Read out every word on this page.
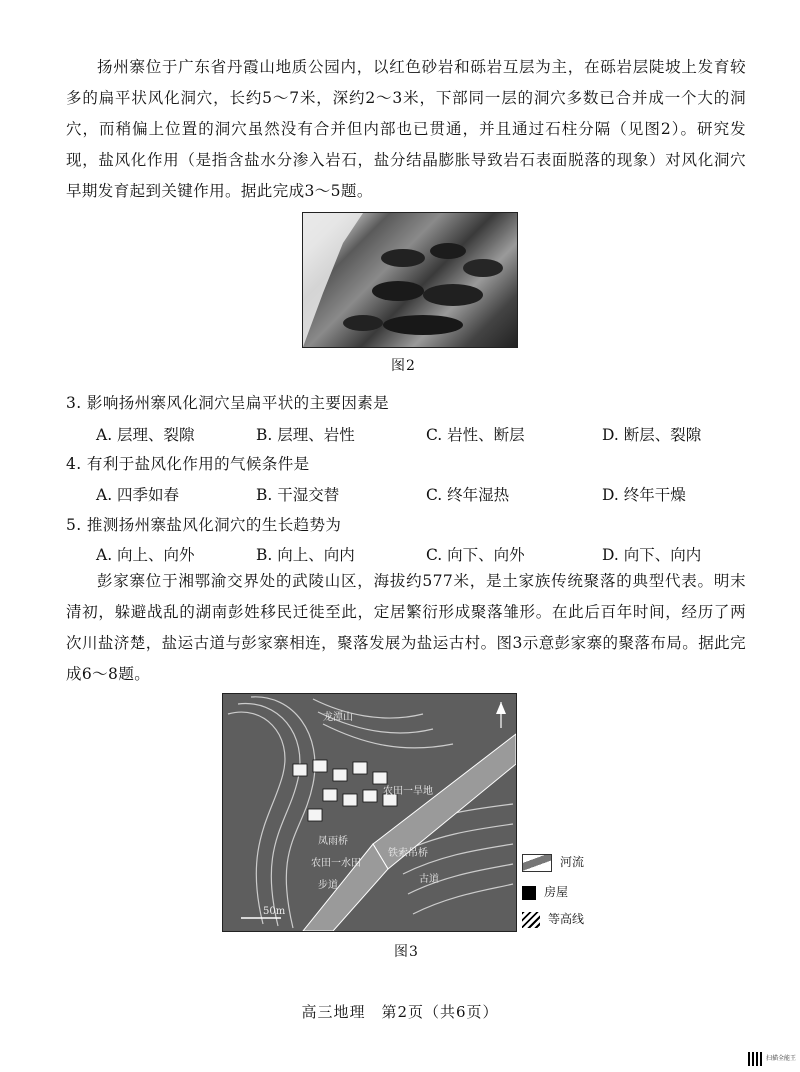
扬州寨位于广东省丹霞山地质公园内，以红色砂岩和砾岩互层为主，在砾岩层陡坡上发育较多的扁平状风化洞穴，长约5～7米，深约2～3米，下部同一层的洞穴多数已合并成一个大的洞穴，而稍偏上位置的洞穴虽然没有合并但内部也已贯通，并且通过石柱分隔（见图2）。研究发现，盐风化作用（是指含盐水分渗入岩石，盐分结晶膨胀导致岩石表面脱落的现象）对风化洞穴早期发育起到关键作用。据此完成3～5题。

图2
3. 影响扬州寨风化洞穴呈扁平状的主要因素是
A. 层理、裂隙	B. 层理、岩性	C. 岩性、断层	D. 断层、裂隙
4. 有利于盐风化作用的气候条件是
A. 四季如春	B. 干湿交替	C. 终年湿热	D. 终年干燥
5. 推测扬州寨盐风化洞穴的生长趋势为
A. 向上、向外	B. 向上、向内	C. 向下、向外	D. 向下、向内

彭家寨位于湘鄂渝交界处的武陵山区，海拔约577米，是土家族传统聚落的典型代表。明末清初，躲避战乱的湖南彭姓移民迁徙至此，定居繁衍形成聚落雏形。在此后百年时间，经历了两次川盐济楚，盐运古道与彭家寨相连，聚落发展为盐运古村。图3示意彭家寨的聚落布局。据此完成6～8题。

龙潭山
农田一旱地
凤雨桥
铁索吊桥
农田一水田
步道
古道
50m
河流
房屋
等高线
图3
高三地理　第2页（共6页）
扫描全能王
